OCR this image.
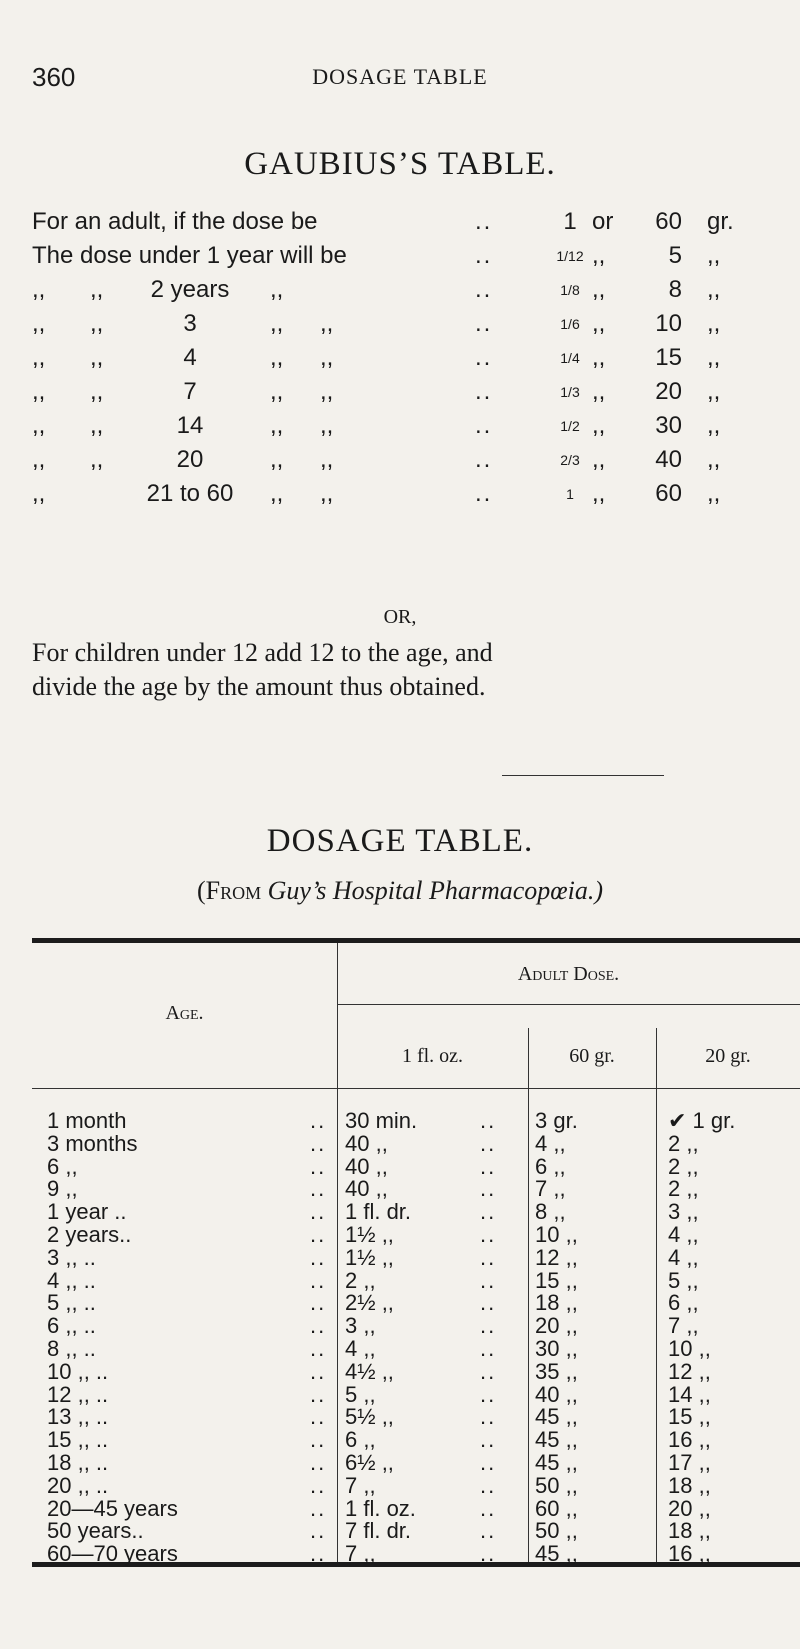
360	DOSAGE TABLE
GAUBIUS’S TABLE.
For an adult, if the dose be	..	1 or	60 gr.
The dose under 1 year will be	..	1/12 ,,	5 ,,
,, ,,	2 years	,,	..	1/8 ,,	8 ,,
,, ,,	3	,, ,,	..	1/6 ,,	10 ,,
,, ,,	4	,, ,,	..	1/4 ,,	15 ,,
,, ,,	7	,, ,,	..	1/3 ,,	20 ,,
,, ,,	14	,, ,,	..	1/2 ,,	30 ,,
,, ,,	20	,, ,,	..	2/3 ,,	40 ,,
,,	21 to 60	,, ,,	..	1 ,,	60 ,,
OR,
For children under 12 add 12 to the age, and
divide the age by the amount thus obtained.
DOSAGE TABLE.
(From Guy’s Hospital Pharmacopœia.)
Age.
Adult Dose.
1 fl. oz.	60 gr.	20 gr.
1 month	.. 30 min.	.. 3 gr.	✔ 1 gr.
3 months	.. 40 ,,	.. 4 ,,	2 ,,
6 ,,	.. 40 ,,	.. 6 ,,	2 ,,
9 ,,	.. 40 ,,	.. 7 ,,	2 ,,
1 year ..	.. 1 fl. dr.	.. 8 ,,	3 ,,
2 years..	.. 1½ ,,	.. 10 ,,	4 ,,
3 ,, ..	.. 1½ ,,	.. 12 ,,	4 ,,
4 ,, ..	.. 2 ,,	.. 15 ,,	5 ,,
5 ,, ..	.. 2½ ,,	.. 18 ,,	6 ,,
6 ,, ..	.. 3 ,,	.. 20 ,,	7 ,,
8 ,, ..	.. 4 ,,	.. 30 ,,	10 ,,
10 ,, ..	.. 4½ ,,	.. 35 ,,	12 ,,
12 ,, ..	.. 5 ,,	.. 40 ,,	14 ,,
13 ,, ..	.. 5½ ,,	.. 45 ,,	15 ,,
15 ,, ..	.. 6 ,,	.. 45 ,,	16 ,,
18 ,, ..	.. 6½ ,,	.. 45 ,,	17 ,,
20 ,, ..	.. 7 ,,	.. 50 ,,	18 ,,
20—45 years	.. 1 fl. oz.	.. 60 ,,	20 ,,
50 years..	.. 7 fl. dr.	.. 50 ,,	18 ,,
60—70 years	.. 7 ,,	.. 45 ,,	16 ,,
